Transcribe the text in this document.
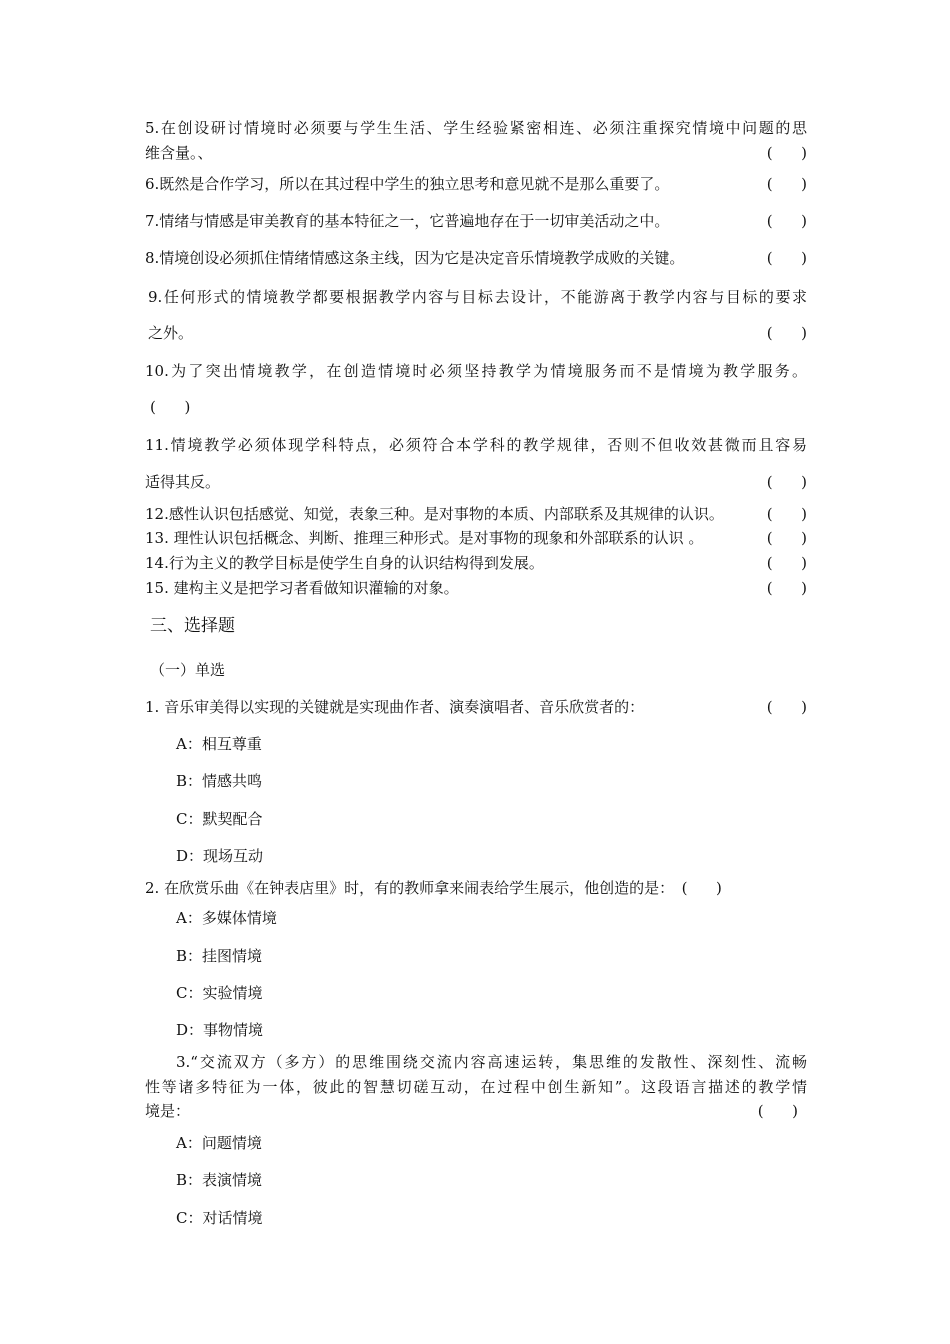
5.在创设研讨情境时必须要与学生生活、学生经验紧密相连、必须注重探究情境中问题的思
维含量。、	(      )
6.既然是合作学习，所以在其过程中学生的独立思考和意见就不是那么重要了。	(      )
7.情绪与情感是审美教育的基本特征之一，它普遍地存在于一切审美活动之中。	(      )
8.情境创设必须抓住情绪情感这条主线，因为它是决定音乐情境教学成败的关键。	(      )
9.任何形式的情境教学都要根据教学内容与目标去设计，不能游离于教学内容与目标的要求
之外。	(      )
10.为了突出情境教学，在创造情境时必须坚持教学为情境服务而不是情境为教学服务。
(      )
11.情境教学必须体现学科特点，必须符合本学科的教学规律，否则不但收效甚微而且容易
适得其反。	(      )
12.感性认识包括感觉、知觉，表象三种。是对事物的本质、内部联系及其规律的认识。	(      )
13. 理性认识包括概念、判断、推理三种形式。是对事物的现象和外部联系的认识 。	(      )
14.行为主义的教学目标是使学生自身的认识结构得到发展。	(      )
15. 建构主义是把学习者看做知识灌输的对象。	(      )
三、选择题
（一）单选
1. 音乐审美得以实现的关键就是实现曲作者、演奏演唱者、音乐欣赏者的：	(      )
A：相互尊重
B：情感共鸣
C：默契配合
D：现场互动
2. 在欣赏乐曲《在钟表店里》时，有的教师拿来闹表给学生展示，他创造的是：　(      )
A：多媒体情境
B：挂图情境
C：实验情境
D：事物情境
3.“交流双方（多方）的思维围绕交流内容高速运转，集思维的发散性、深刻性、流畅
性等诸多特征为一体，彼此的智慧切磋互动，在过程中创生新知”。这段语言描述的教学情
境是：	(      )
A：问题情境
B：表演情境
C：对话情境
